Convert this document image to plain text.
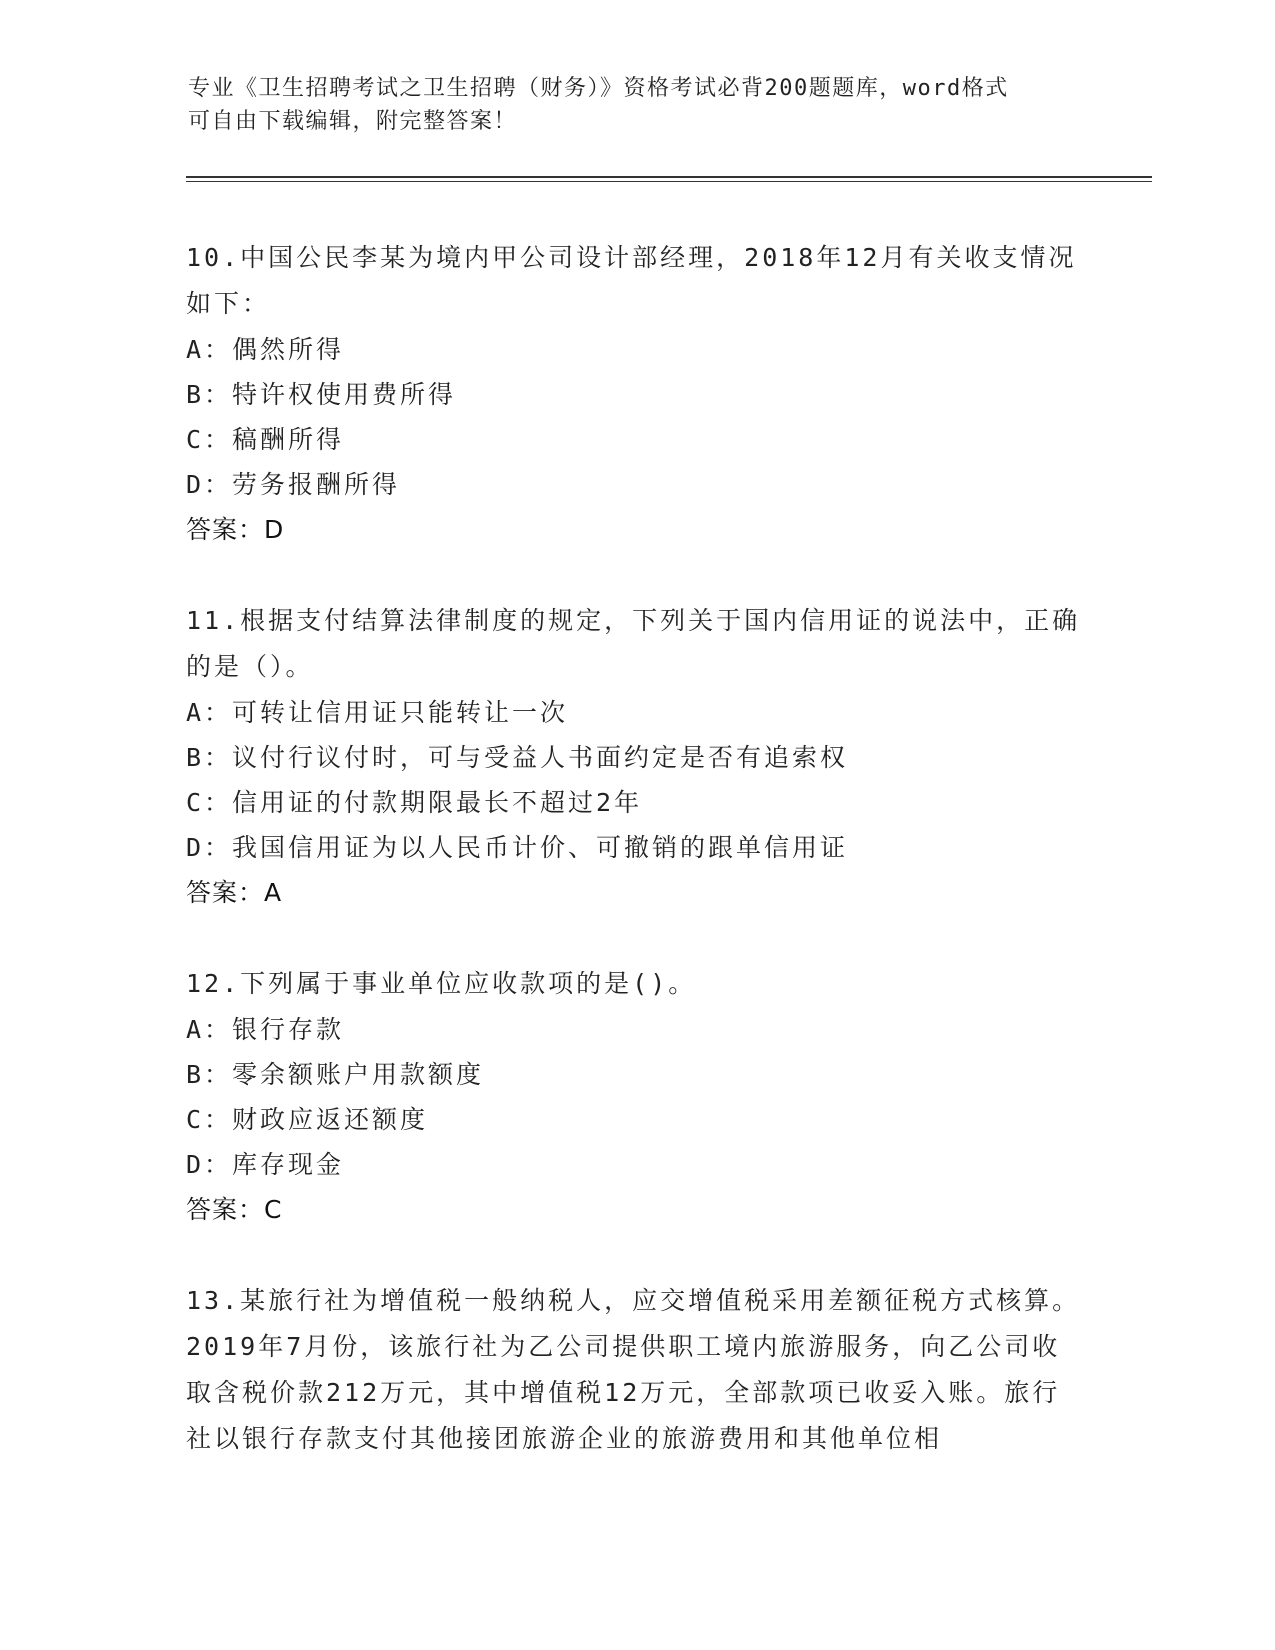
专业《卫生招聘考试之卫生招聘（财务）》资格考试必背200题题库，word格式
可自由下载编辑，附完整答案！

10.中国公民李某为境内甲公司设计部经理，2018年12月有关收支情况如下：

A：偶然所得

B：特许权使用费所得

C：稿酬所得

D：劳务报酬所得

答案：D

11.根据支付结算法律制度的规定，下列关于国内信用证的说法中，正确的是（）。

A：可转让信用证只能转让一次

B：议付行议付时，可与受益人书面约定是否有追索权

C：信用证的付款期限最长不超过2年

D：我国信用证为以人民币计价、可撤销的跟单信用证

答案：A

12.下列属于事业单位应收款项的是()。

A：银行存款

B：零余额账户用款额度

C：财政应返还额度

D：库存现金

答案：C

13.某旅行社为增值税一般纳税人，应交增值税采用差额征税方式核算。2019年7月份，该旅行社为乙公司提供职工境内旅游服务，向乙公司收取含税价款212万元，其中增值税12万元，全部款项已收妥入账。旅行社以银行存款支付其他接团旅游企业的旅游费用和其他单位相
